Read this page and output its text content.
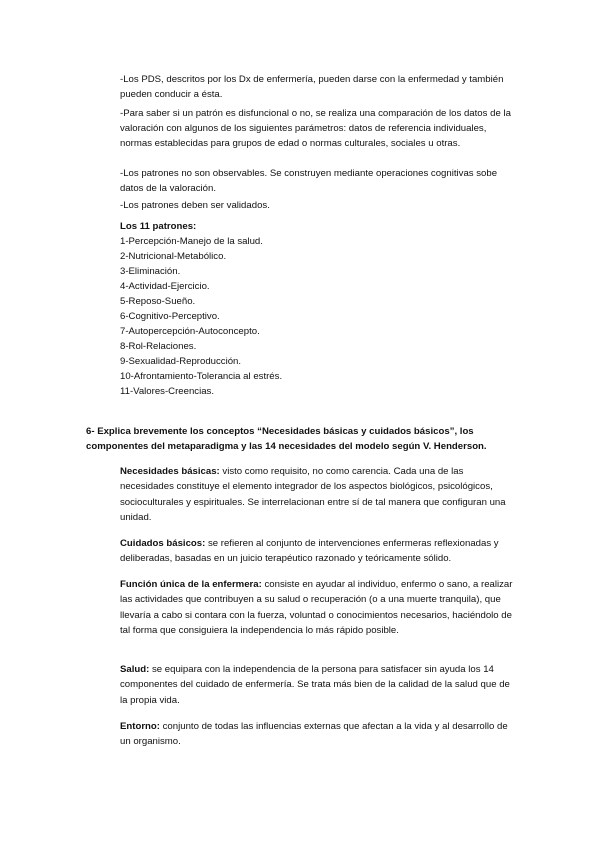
-Los PDS, descritos por los Dx de enfermería, pueden darse con la enfermedad y también pueden conducir a ésta.

-Para saber si un patrón es disfuncional o no, se realiza una comparación de los datos de la valoración con algunos de los siguientes parámetros: datos de referencia individuales, normas establecidas para grupos de edad o normas culturales, sociales u otras.

-Los patrones no son observables. Se construyen mediante operaciones cognitivas sobe datos de la valoración.

-Los patrones deben ser validados.

Los 11 patrones:

1-Percepción-Manejo de la salud.

2-Nutricional-Metabólico.

3-Eliminación.

4-Actividad-Ejercicio.

5-Reposo-Sueño.

6-Cognitivo-Perceptivo.

7-Autopercepción-Autoconcepto.

8-Rol-Relaciones.

9-Sexualidad-Reproducción.

10-Afrontamiento-Tolerancia al estrés.

11-Valores-Creencias.

6- Explica brevemente los conceptos “Necesidades básicas y cuidados básicos”, los componentes del metaparadigma y las 14 necesidades del modelo según V. Henderson.
Necesidades básicas: visto como requisito, no como carencia. Cada una de las necesidades constituye el elemento integrador de los aspectos biológicos, psicológicos, socioculturales y espirituales. Se interrelacionan entre sí de tal manera que configuran una unidad.
Cuidados básicos: se refieren al conjunto de intervenciones enfermeras reflexionadas y deliberadas, basadas en un juicio terapéutico razonado y teóricamente sólido.
Función única de la enfermera: consiste en ayudar al individuo, enfermo o sano, a realizar las actividades que contribuyen a su salud o recuperación (o a una muerte tranquila), que llevaría a cabo si contara con la fuerza, voluntad o conocimientos necesarios, haciéndolo de tal forma que consiguiera la independencia lo más rápido posible.
Salud: se equipara con la independencia de la persona para satisfacer sin ayuda los 14 componentes del cuidado de enfermería. Se trata más bien de la calidad de la salud que de la propia vida.
Entorno: conjunto de todas las influencias externas que afectan a la vida y al desarrollo de un organismo.
